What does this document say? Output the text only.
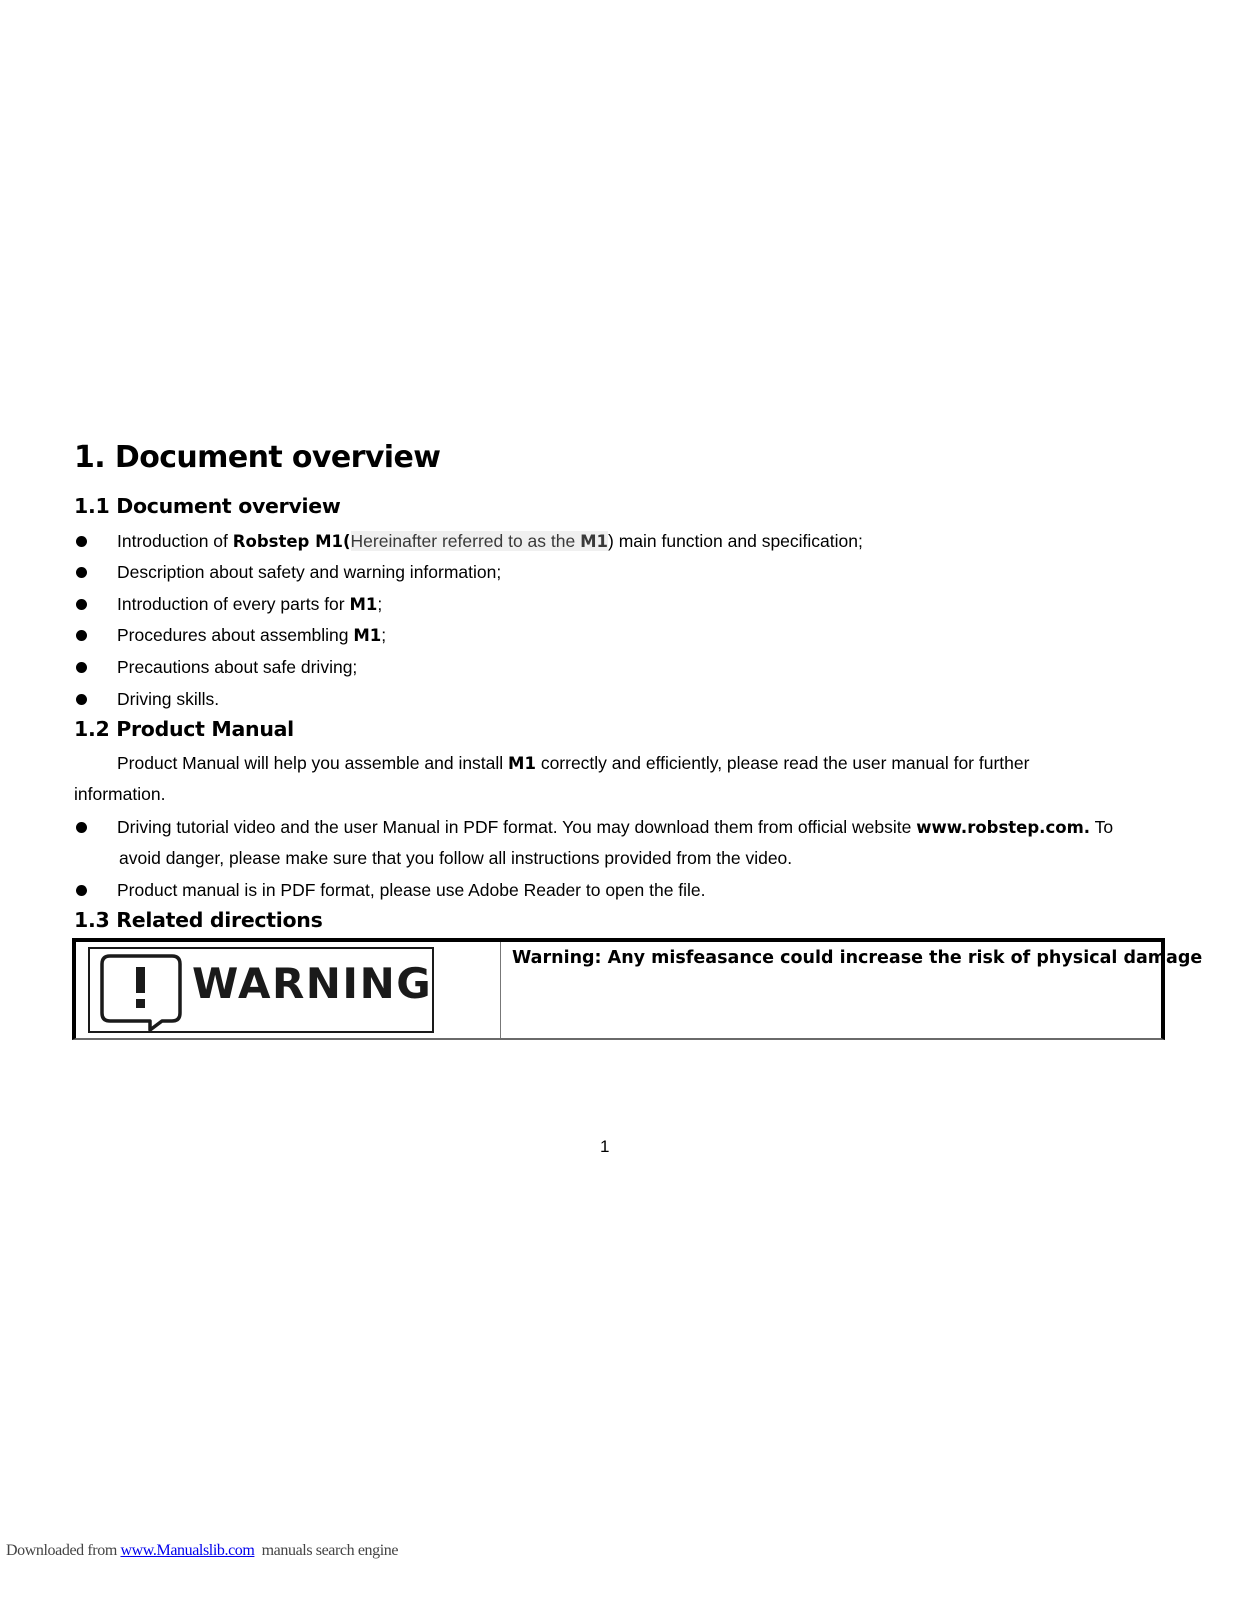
1. Document overview
1.1 Document overview

Introduction of Robstep M1(Hereinafter referred to as the M1) main function and specification;

Description about safety and warning information;

Introduction of every parts for M1;

Procedures about assembling M1;

Precautions about safe driving;

Driving skills.

1.2 Product Manual

Product Manual will help you assemble and install M1 correctly and efficiently, please read the user manual for further

information.

Driving tutorial video and the user Manual in PDF format. You may download them from official website www.robstep.com. To

avoid danger, please make sure that you follow all instructions provided from the video.

Product manual is in PDF format, please use Adobe Reader to open the file.

1.3 Related directions
WARNING
Warning: Any misfeasance could increase the risk of physical damage
1
Downloaded from www.Manualslib.com  manuals search engine
